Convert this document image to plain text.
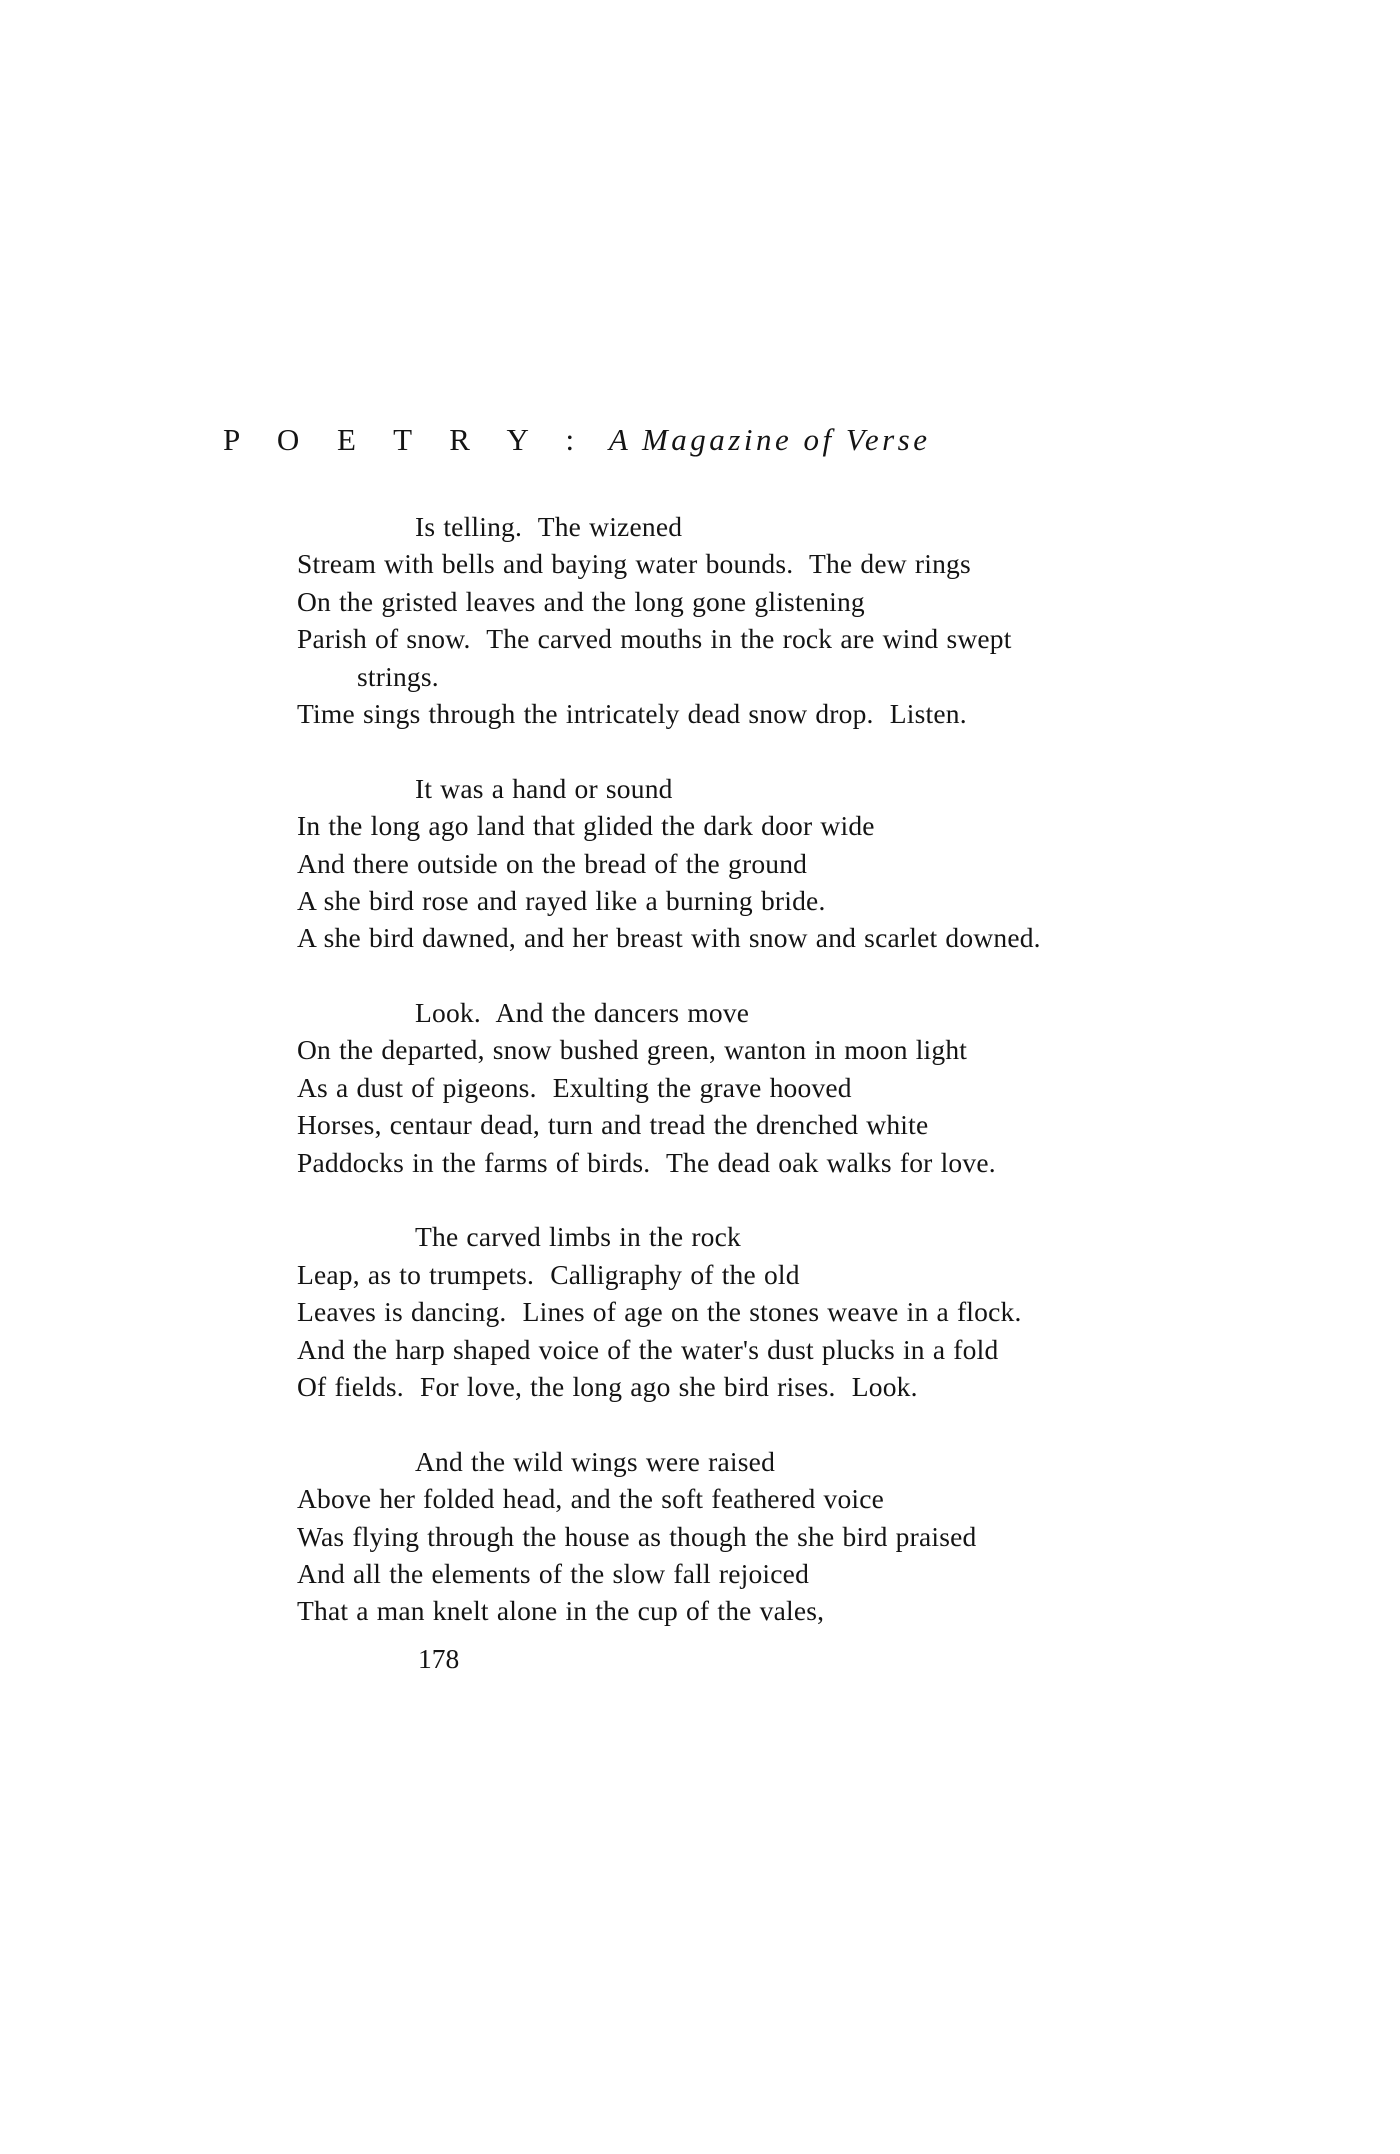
P O E T R Y : A Magazine of Verse
Is telling.  The wizened
Stream with bells and baying water bounds.  The dew rings
On the gristed leaves and the long gone glistening
Parish of snow.  The carved mouths in the rock are wind swept
strings.
Time sings through the intricately dead snow drop.  Listen.
It was a hand or sound
In the long ago land that glided the dark door wide
And there outside on the bread of the ground
A she bird rose and rayed like a burning bride.
A she bird dawned, and her breast with snow and scarlet downed.
Look.  And the dancers move
On the departed, snow bushed green, wanton in moon light
As a dust of pigeons.  Exulting the grave hooved
Horses, centaur dead, turn and tread the drenched white
Paddocks in the farms of birds.  The dead oak walks for love.
The carved limbs in the rock
Leap, as to trumpets.  Calligraphy of the old
Leaves is dancing.  Lines of age on the stones weave in a flock.
And the harp shaped voice of the water's dust plucks in a fold
Of fields.  For love, the long ago she bird rises.  Look.
And the wild wings were raised
Above her folded head, and the soft feathered voice
Was flying through the house as though the she bird praised
And all the elements of the slow fall rejoiced
That a man knelt alone in the cup of the vales,
178
